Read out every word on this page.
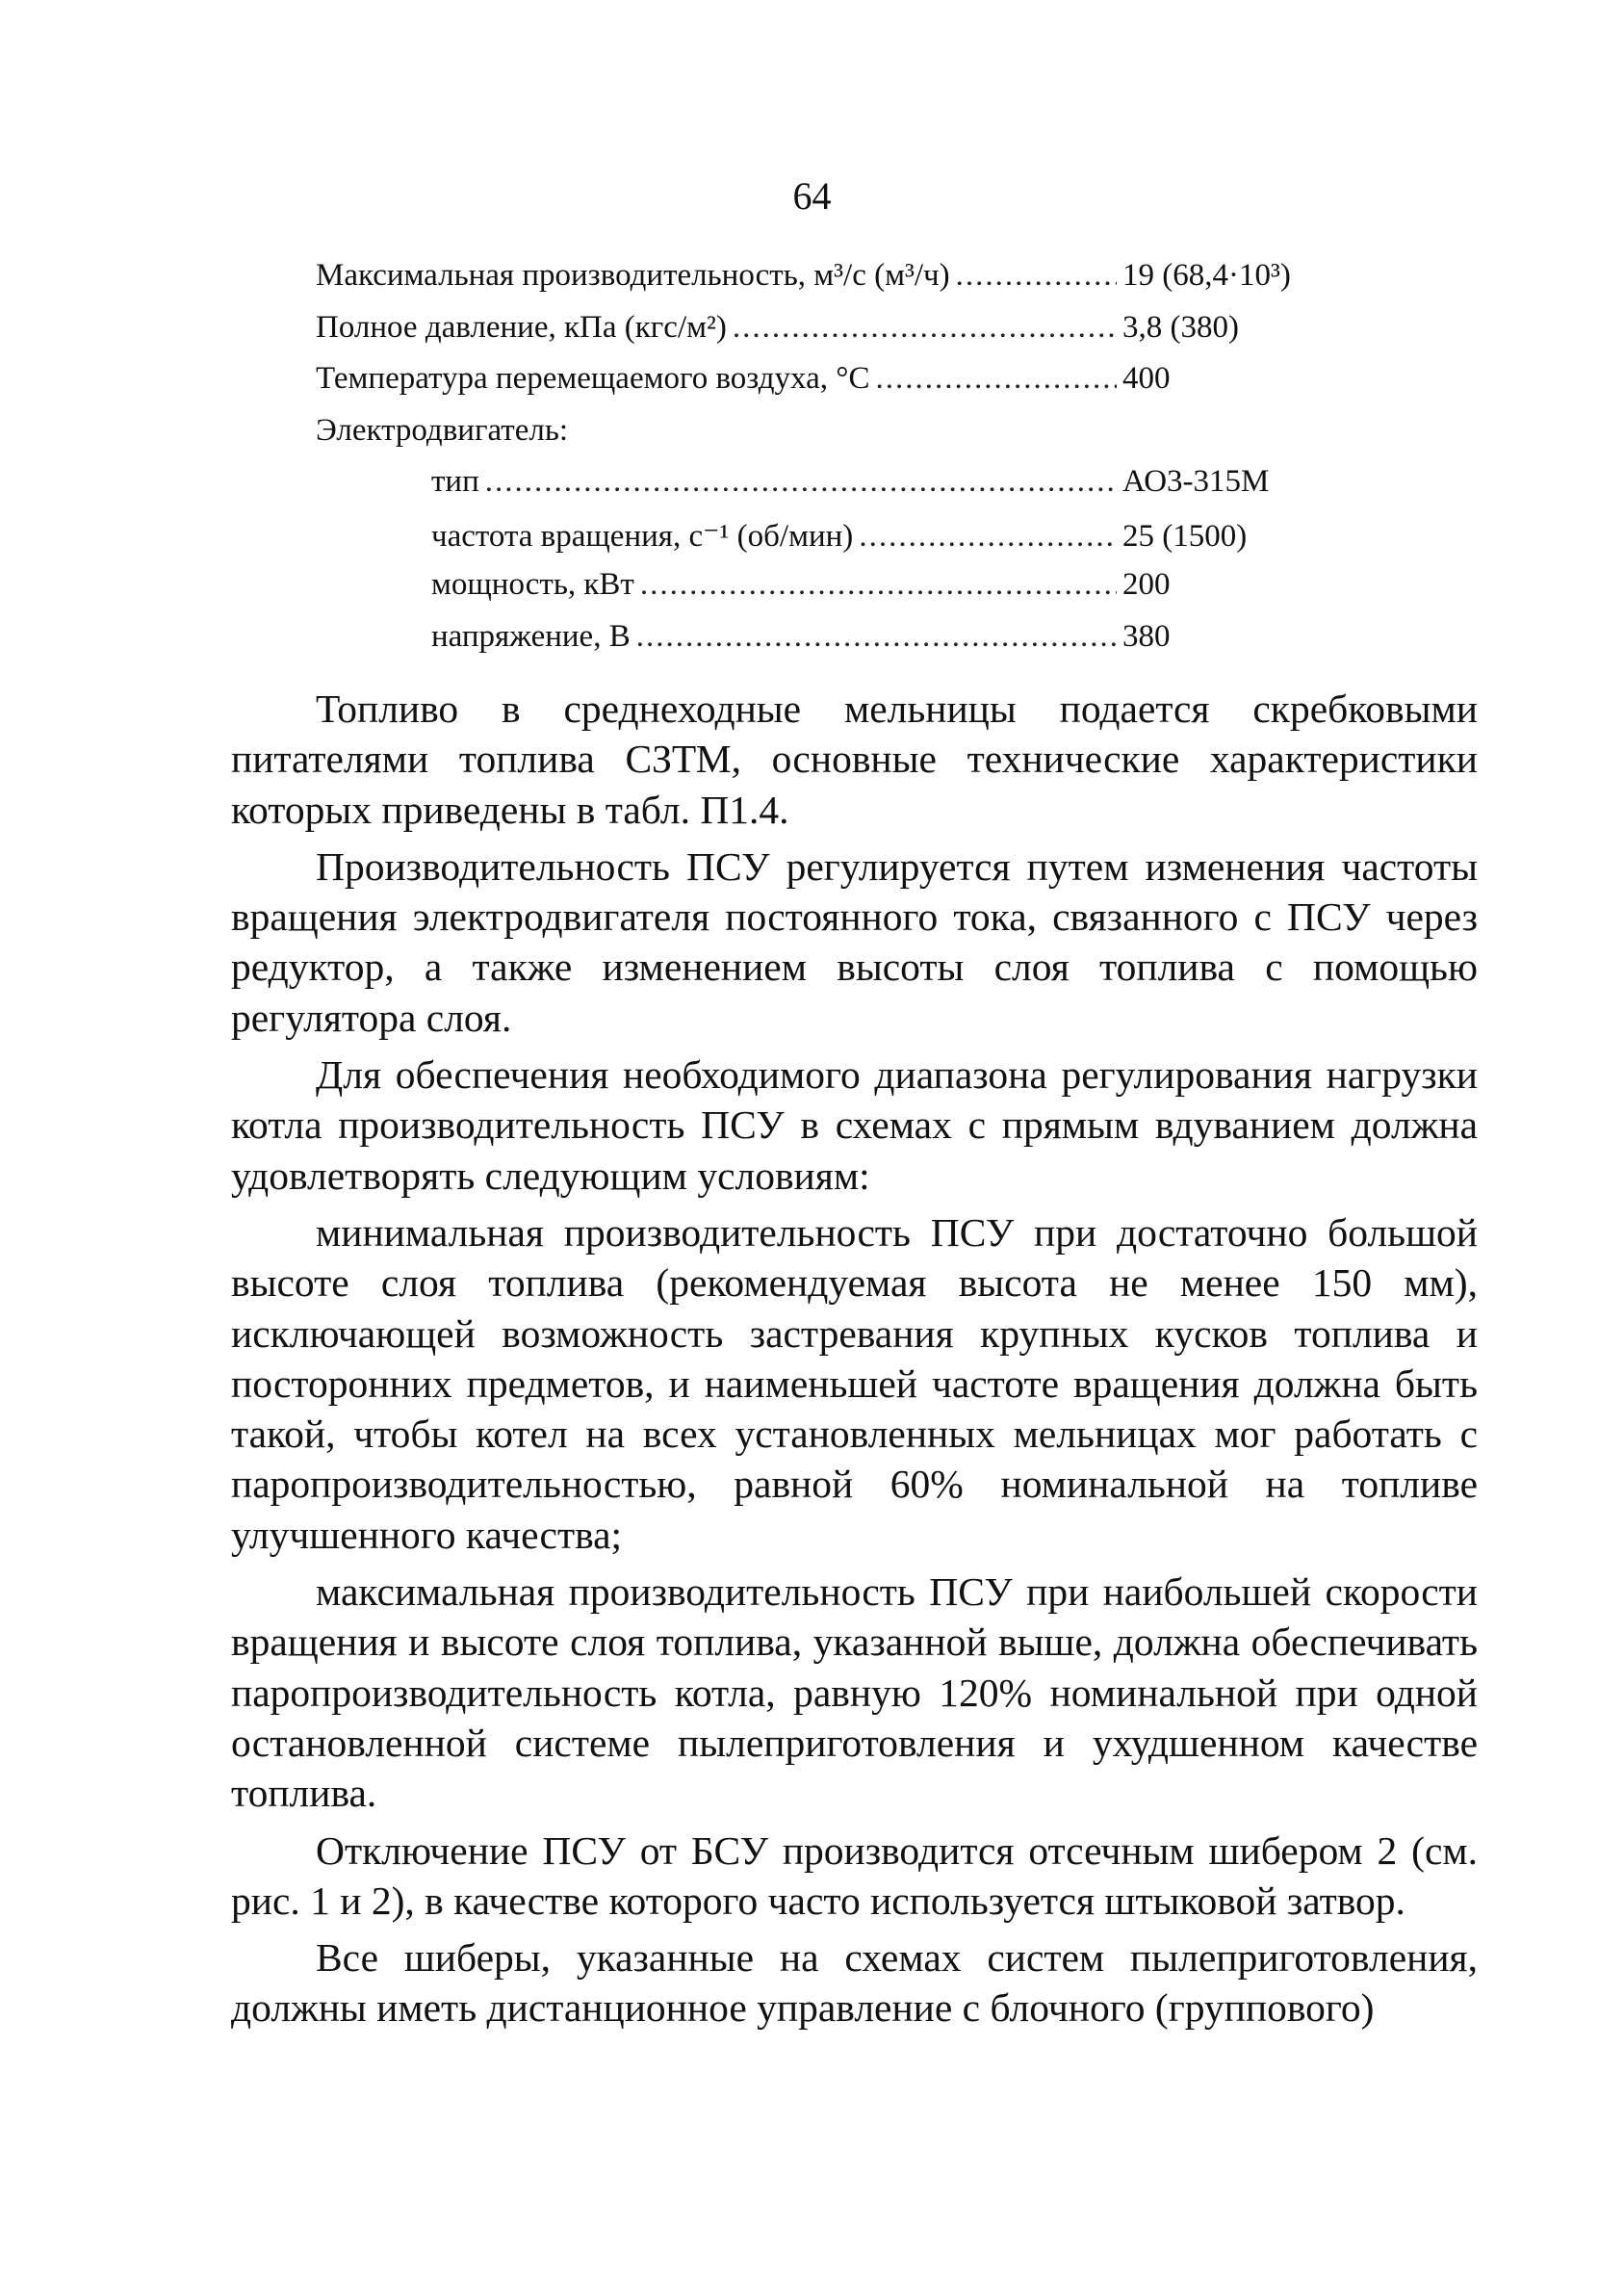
64
Максимальная производительность, м³/с (м³/ч) .....	19 (68,4·10³)
Полное давление, кПа (кгс/м²) .....	3,8 (380)
Температура перемещаемого воздуха, °С .....	400
Электродвигатель:
тип .....	АО3-315М
частота вращения, с⁻¹ (об/мин) .....	25 (1500)
мощность, кВт .....	200
напряжение, В .....	380

Топливо в среднеходные мельницы подается скребковыми питателями топлива СЗТМ, основные технические характеристики которых приведены в табл. П1.4.

Производительность ПСУ регулируется путем изменения частоты вращения электродвигателя постоянного тока, связанного с ПСУ через редуктор, а также изменением высоты слоя топлива с помощью регулятора слоя.

Для обеспечения необходимого диапазона регулирования нагрузки котла производительность ПСУ в схемах с прямым вдуванием должна удовлетворять следующим условиям:

минимальная производительность ПСУ при достаточно большой высоте слоя топлива (рекомендуемая высота не менее 150 мм), исключающей возможность застревания крупных кусков топлива и посторонних предметов, и наименьшей частоте вращения должна быть такой, чтобы котел на всех установленных мельницах мог работать с паропроизводительностью, равной 60% номинальной на топливе улучшенного качества;

максимальная производительность ПСУ при наибольшей скорости вращения и высоте слоя топлива, указанной выше, должна обеспечивать паропроизводительность котла, равную 120% номинальной при одной остановленной системе пылеприготовления и ухудшенном качестве топлива.

Отключение ПСУ от БСУ производится отсечным шибером 2 (см. рис. 1 и 2), в качестве которого часто используется штыковой затвор.

Все шиберы, указанные на схемах систем пылеприготовления, должны иметь дистанционное управление с блочного (группового)
